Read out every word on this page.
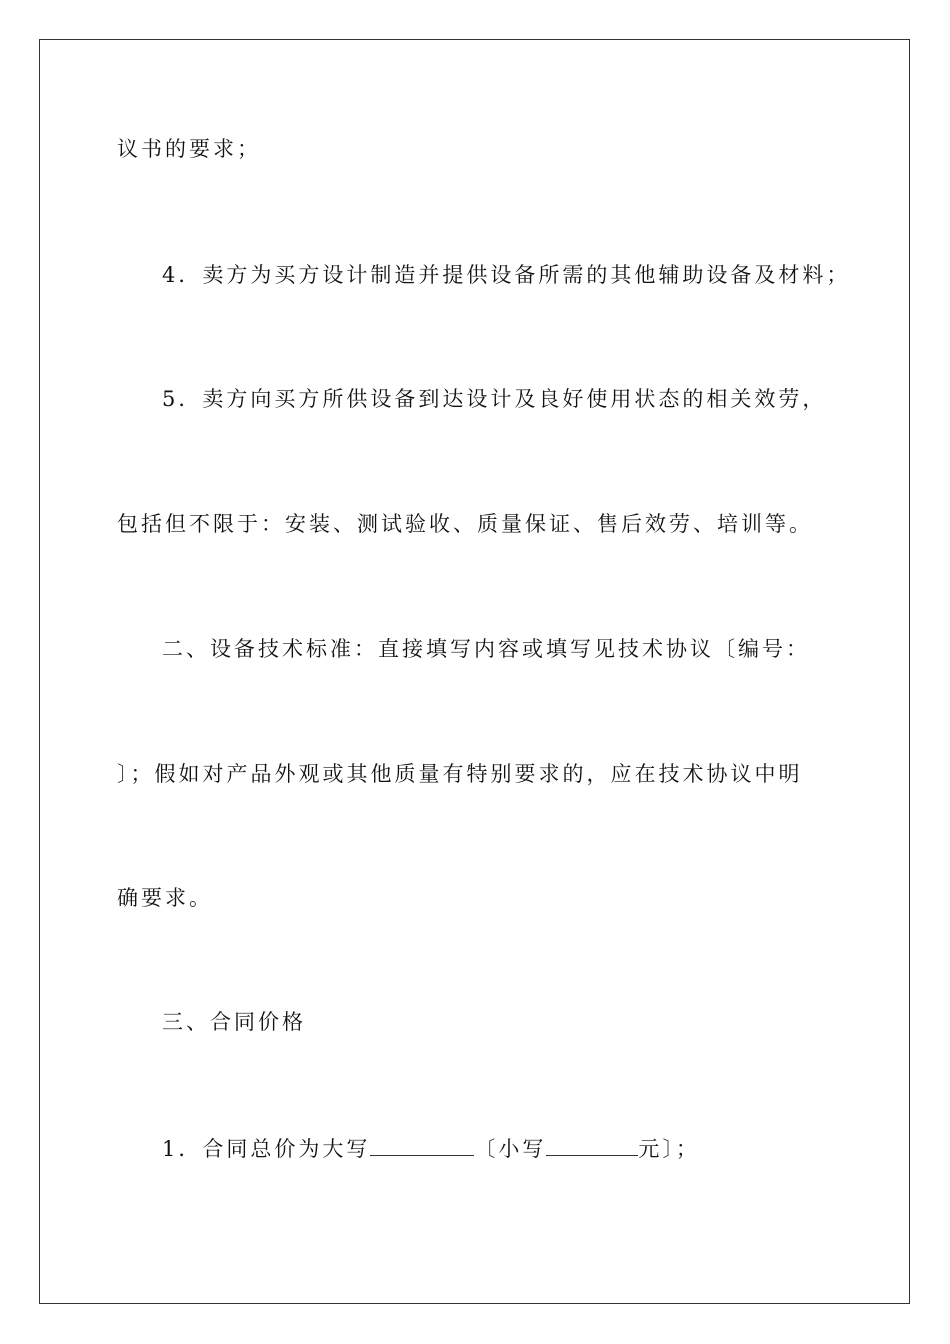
议书的要求；
4．卖方为买方设计制造并提供设备所需的其他辅助设备及材料；
5．卖方向买方所供设备到达设计及良好使用状态的相关效劳，
包括但不限于：安装、测试验收、质量保证、售后效劳、培训等。
二、设备技术标准：直接填写内容或填写见技术协议〔编号：
〕；假如对产品外观或其他质量有特别要求的，应在技术协议中明
确要求。
三、合同价格
1．合同总价为大写	〔小写	元〕；
